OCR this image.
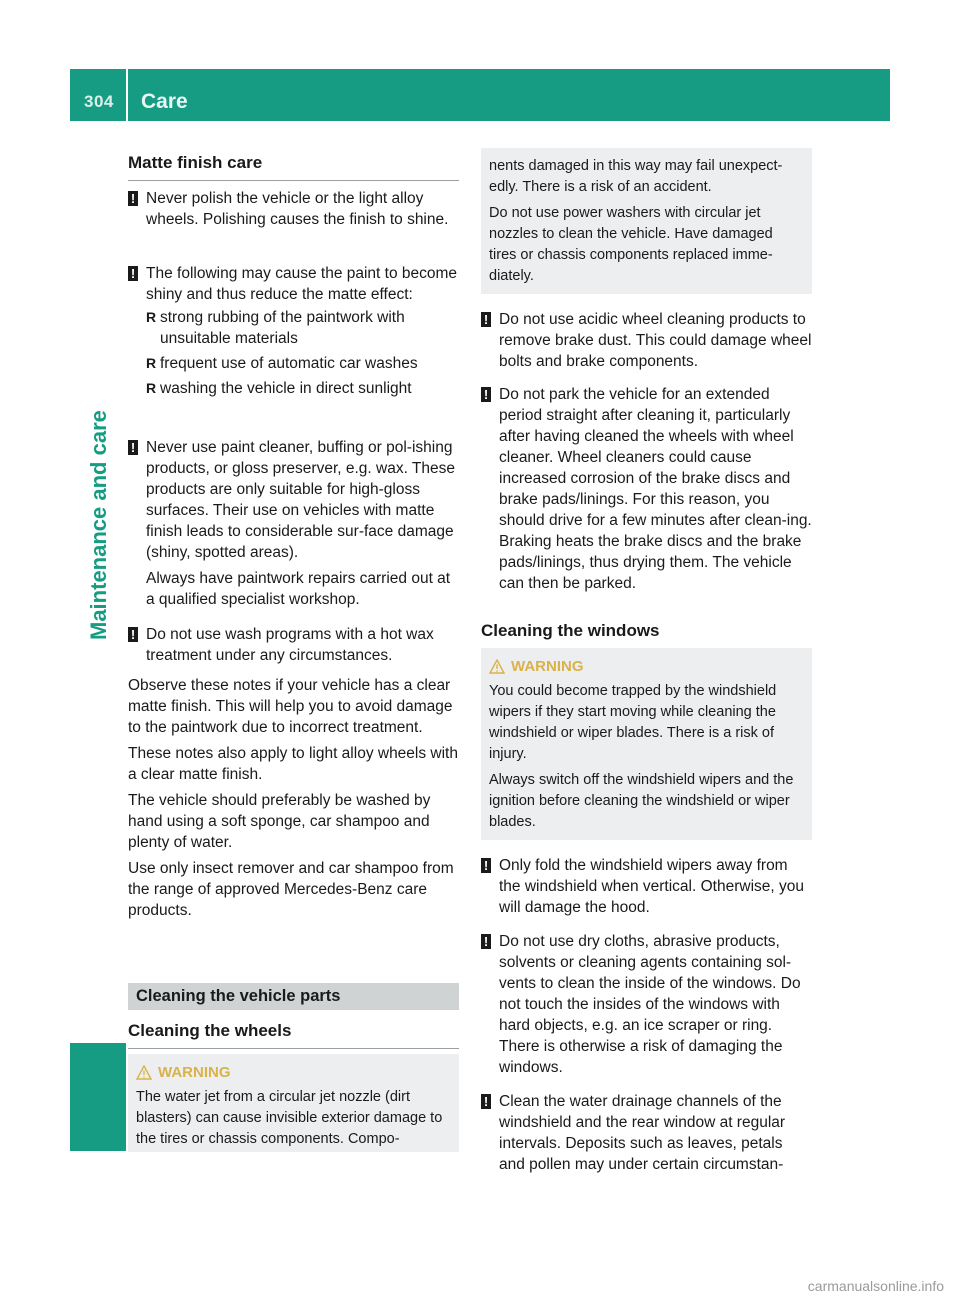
304	Care
Maintenance and care
Matte finish care
! Never polish the vehicle or the light alloy wheels. Polishing causes the finish to shine.

! The following may cause the paint to become shiny and thus reduce the matte effect:

R strong rubbing of the paintwork with unsuitable materials
R frequent use of automatic car washes
R washing the vehicle in direct sunlight
! Never use paint cleaner, buffing or pol-ishing products, or gloss preserver, e.g. wax. These products are only suitable for high-gloss surfaces. Their use on vehicles with matte finish leads to considerable sur-face damage (shiny, spotted areas).

Always have paintwork repairs carried out at a qualified specialist workshop.

! Do not use wash programs with a hot wax treatment under any circumstances.

Observe these notes if your vehicle has a clear matte finish. This will help you to avoid damage to the paintwork due to incorrect treatment.

These notes also apply to light alloy wheels with a clear matte finish.

The vehicle should preferably be washed by hand using a soft sponge, car shampoo and plenty of water.

Use only insect remover and car shampoo from the range of approved Mercedes-Benz care products.

Cleaning the vehicle parts
Cleaning the wheels
WARNING

The water jet from a circular jet nozzle (dirt blasters) can cause invisible exterior damage to the tires or chassis components. Compo-

nents damaged in this way may fail unexpect-edly. There is a risk of an accident.

Do not use power washers with circular jet nozzles to clean the vehicle. Have damaged tires or chassis components replaced imme-diately.

! Do not use acidic wheel cleaning products to remove brake dust. This could damage wheel bolts and brake components.

! Do not park the vehicle for an extended period straight after cleaning it, particularly after having cleaned the wheels with wheel cleaner. Wheel cleaners could cause increased corrosion of the brake discs and brake pads/linings. For this reason, you should drive for a few minutes after clean-ing. Braking heats the brake discs and the brake pads/linings, thus drying them. The vehicle can then be parked.

Cleaning the windows
WARNING

You could become trapped by the windshield wipers if they start moving while cleaning the windshield or wiper blades. There is a risk of injury.

Always switch off the windshield wipers and the ignition before cleaning the windshield or wiper blades.

! Only fold the windshield wipers away from the windshield when vertical. Otherwise, you will damage the hood.

! Do not use dry cloths, abrasive products, solvents or cleaning agents containing sol-vents to clean the inside of the windows. Do not touch the insides of the windows with hard objects, e.g. an ice scraper or ring. There is otherwise a risk of damaging the windows.

! Clean the water drainage channels of the windshield and the rear window at regular intervals. Deposits such as leaves, petals and pollen may under certain circumstan-

carmanualsonline.info
